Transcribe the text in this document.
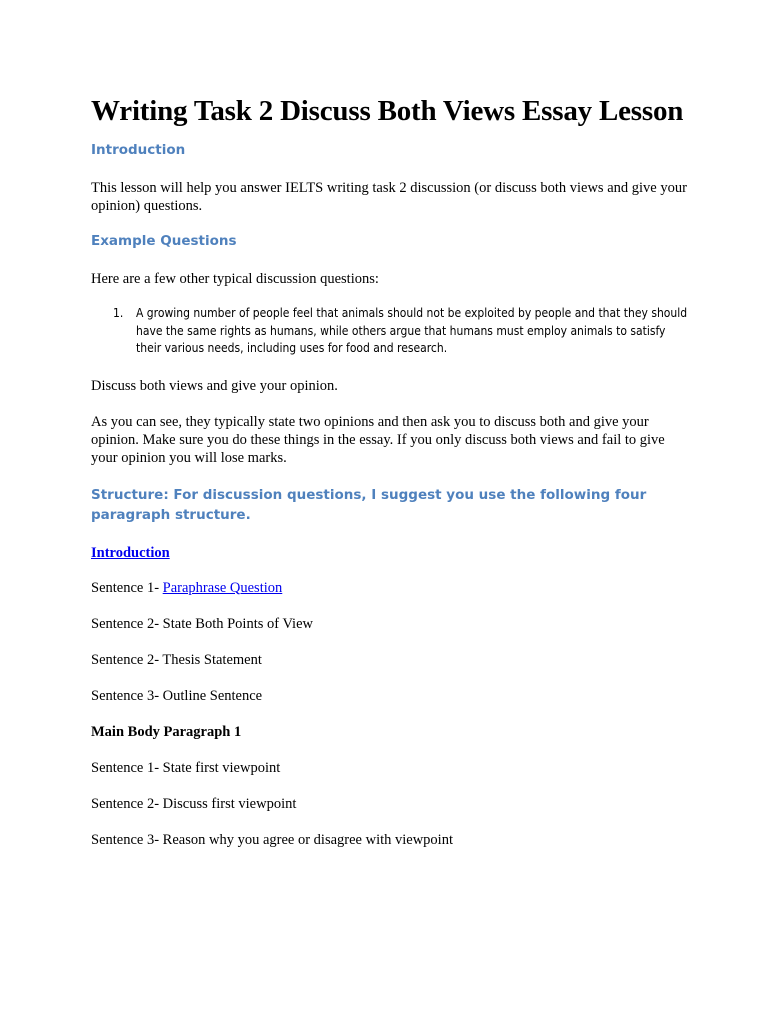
Writing Task 2 Discuss Both Views Essay Lesson
Introduction

This lesson will help you answer IELTS writing task 2 discussion (or discuss both views and give your opinion) questions.

Example Questions

Here are a few other typical discussion questions:

1. A growing number of people feel that animals should not be exploited by people and that they should have the same rights as humans, while others argue that humans must employ animals to satisfy their various needs, including uses for food and research.

Discuss both views and give your opinion.

As you can see, they typically state two opinions and then ask you to discuss both and give your opinion. Make sure you do these things in the essay. If you only discuss both views and fail to give your opinion you will lose marks.

Structure: For discussion questions, I suggest you use the following four paragraph structure.

Introduction

Sentence 1- Paraphrase Question

Sentence 2- State Both Points of View

Sentence 2- Thesis Statement

Sentence 3- Outline Sentence

Main Body Paragraph 1

Sentence 1- State first viewpoint

Sentence 2- Discuss first viewpoint

Sentence 3- Reason why you agree or disagree with viewpoint
